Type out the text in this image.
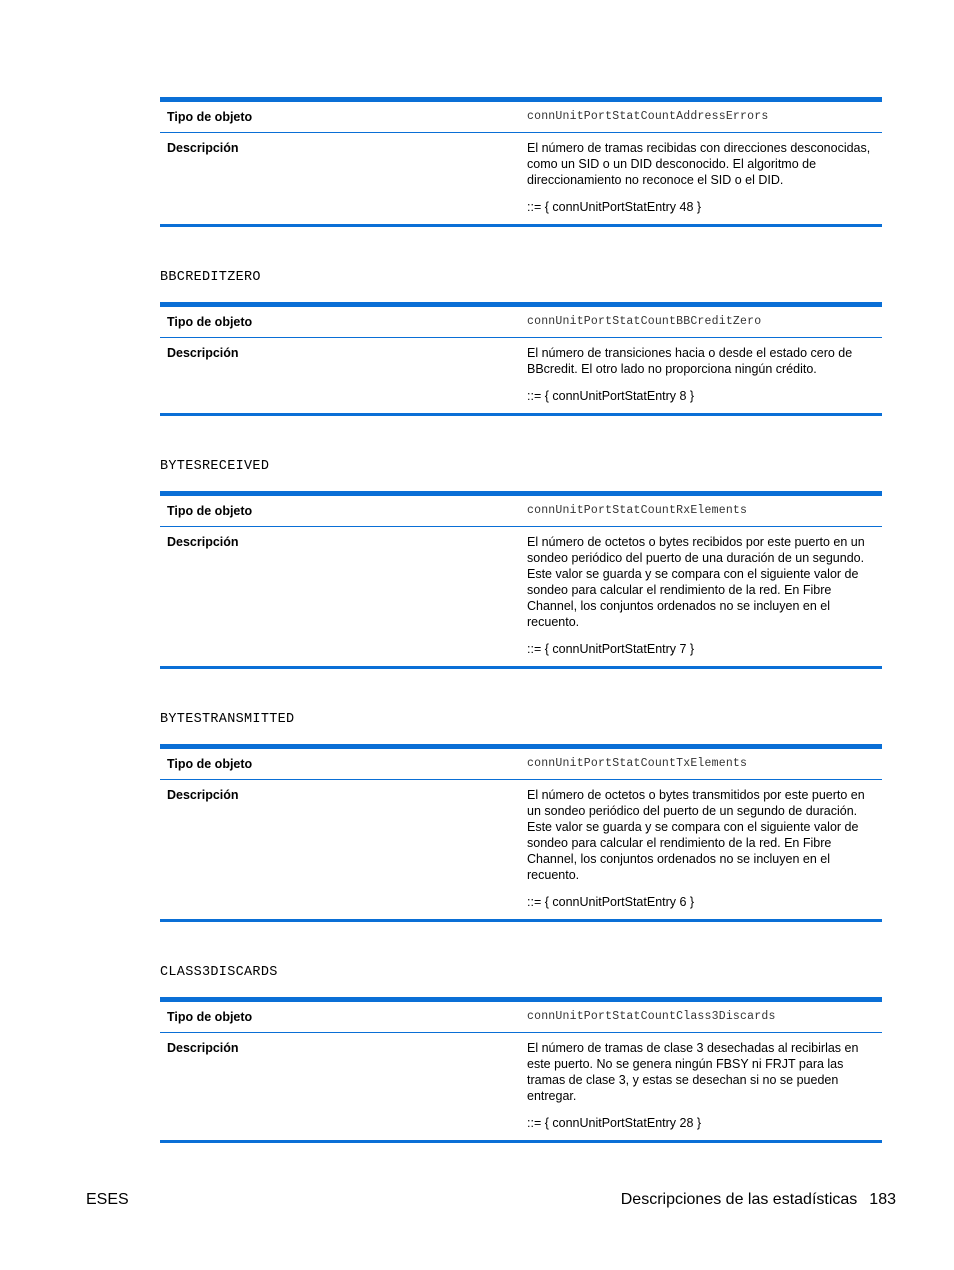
Tipo de objeto	connUnitPortStatCountAddressErrors
Descripción	El número de tramas recibidas con direcciones desconocidas, como un SID o un DID desconocido. El algoritmo de direccionamiento no reconoce el SID o el DID.

::= { connUnitPortStatEntry 48 }

BBCREDITZERO
Tipo de objeto	connUnitPortStatCountBBCreditZero
Descripción	El número de transiciones hacia o desde el estado cero de BBcredit. El otro lado no proporciona ningún crédito.

::= { connUnitPortStatEntry 8 }

BYTESRECEIVED
Tipo de objeto	connUnitPortStatCountRxElements
Descripción	El número de octetos o bytes recibidos por este puerto en un sondeo periódico del puerto de una duración de un segundo. Este valor se guarda y se compara con el siguiente valor de sondeo para calcular el rendimiento de la red. En Fibre Channel, los conjuntos ordenados no se incluyen en el recuento.

::= { connUnitPortStatEntry 7 }

BYTESTRANSMITTED
Tipo de objeto	connUnitPortStatCountTxElements
Descripción	El número de octetos o bytes transmitidos por este puerto en un sondeo periódico del puerto de un segundo de duración. Este valor se guarda y se compara con el siguiente valor de sondeo para calcular el rendimiento de la red. En Fibre Channel, los conjuntos ordenados no se incluyen en el recuento.

::= { connUnitPortStatEntry 6 }

CLASS3DISCARDS
Tipo de objeto	connUnitPortStatCountClass3Discards
Descripción	El número de tramas de clase 3 desechadas al recibirlas en este puerto. No se genera ningún FBSY ni FRJT para las tramas de clase 3, y estas se desechan si no se pueden entregar.

::= { connUnitPortStatEntry 28 }

ESES	Descripciones de las estadísticas 183
